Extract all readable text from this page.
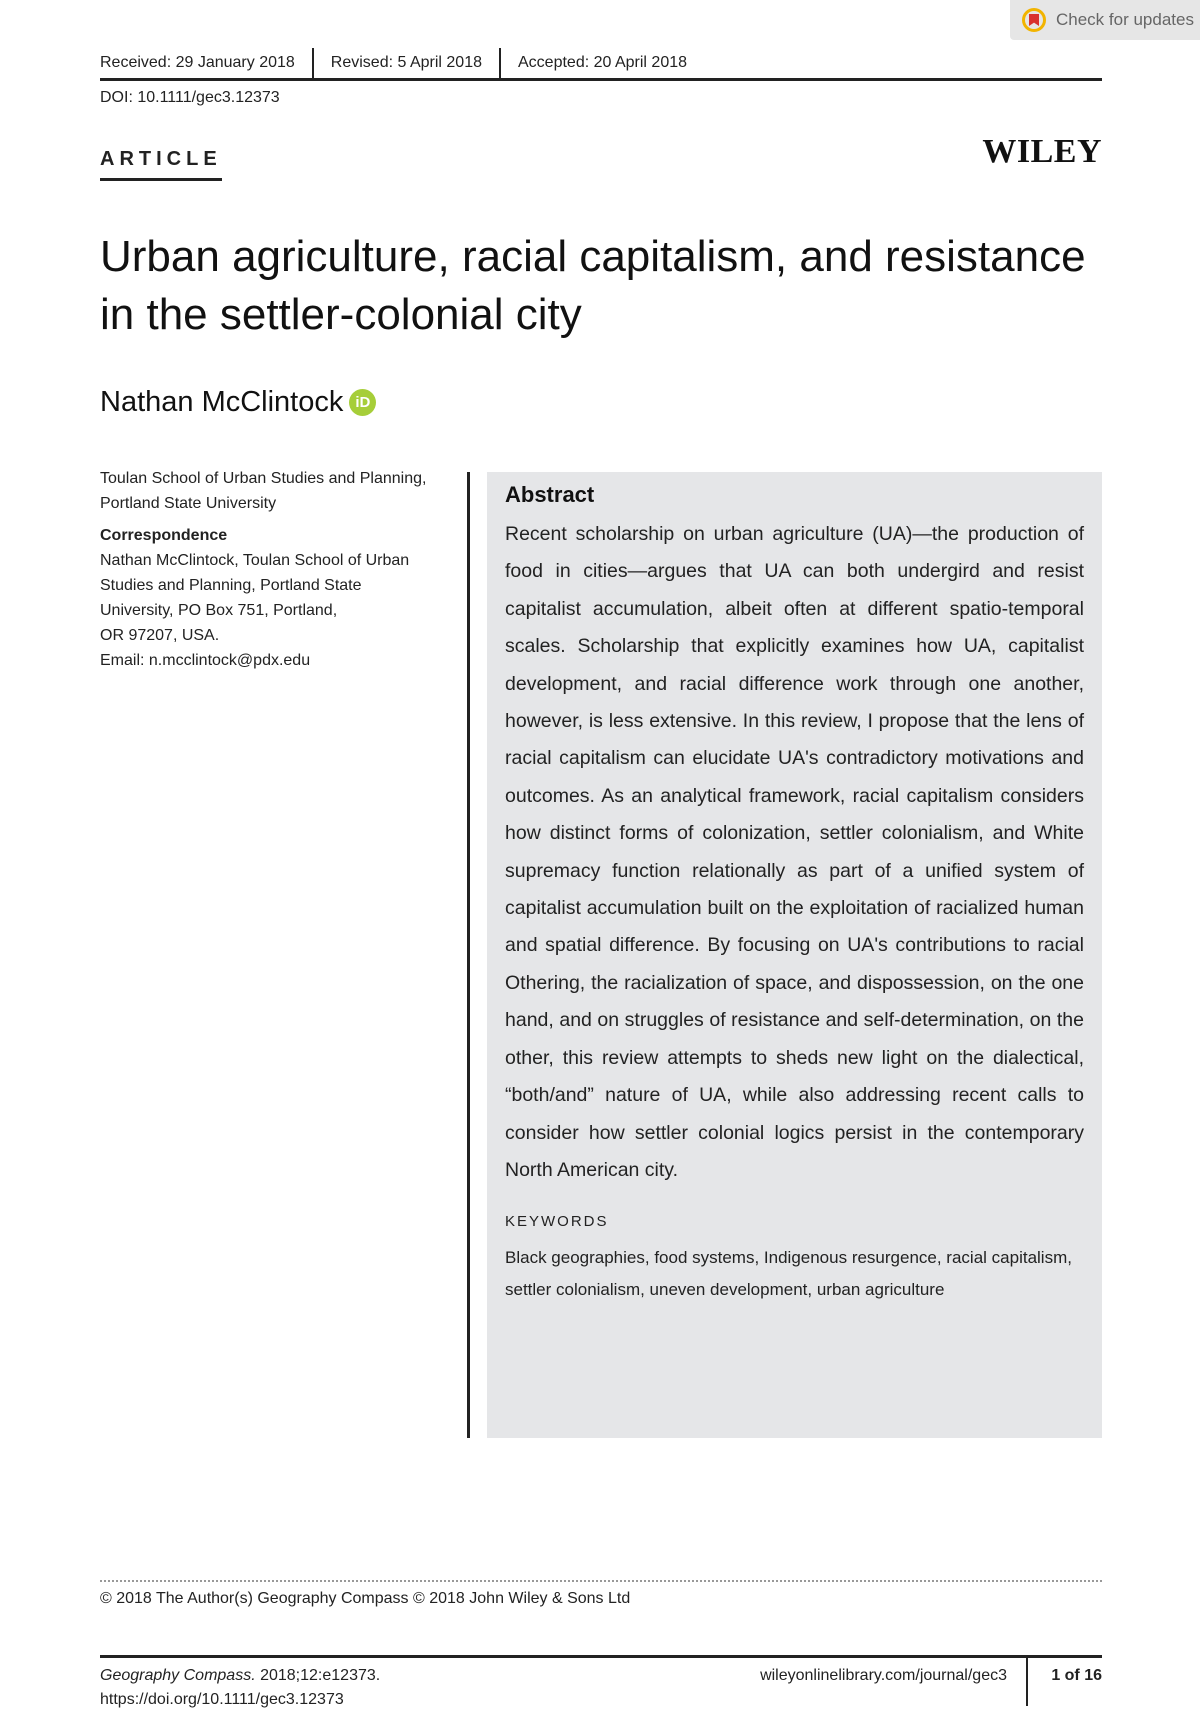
Check for updates
Received: 29 January 2018	Revised: 5 April 2018	Accepted: 20 April 2018
DOI: 10.1111/gec3.12373
ARTICLE	WILEY
Urban agriculture, racial capitalism, and resistance in the settler-colonial city
Nathan McClintock iD

Toulan School of Urban Studies and Planning,

Portland State University

Correspondence

Nathan McClintock, Toulan School of Urban

Studies and Planning, Portland State

University, PO Box 751, Portland,

OR 97207, USA.

Email: n.mcclintock@pdx.edu

Abstract

Recent scholarship on urban agriculture (UA)—the production of food in cities—argues that UA can both undergird and resist capitalist accumulation, albeit often at different spatio-temporal scales. Scholarship that explicitly examines how UA, capitalist development, and racial difference work through one another, however, is less extensive. In this review, I propose that the lens of racial capitalism can elucidate UA's contradictory motivations and outcomes. As an analytical framework, racial capitalism considers how distinct forms of colonization, settler colonialism, and White supremacy function relationally as part of a unified system of capitalist accumulation built on the exploitation of racialized human and spatial difference. By focusing on UA's contributions to racial Othering, the racialization of space, and dispossession, on the one hand, and on struggles of resistance and self-determination, on the other, this review attempts to sheds new light on the dialectical, “both/and” nature of UA, while also addressing recent calls to consider how settler colonial logics persist in the contemporary North American city.

KEYWORDS
Black geographies, food systems, Indigenous resurgence, racial capitalism, settler colonialism, uneven development, urban agriculture
© 2018 The Author(s) Geography Compass © 2018 John Wiley & Sons Ltd
Geography Compass. 2018;12:e12373.
https://doi.org/10.1111/gec3.12373
wileyonlinelibrary.com/journal/gec3	1 of 16
